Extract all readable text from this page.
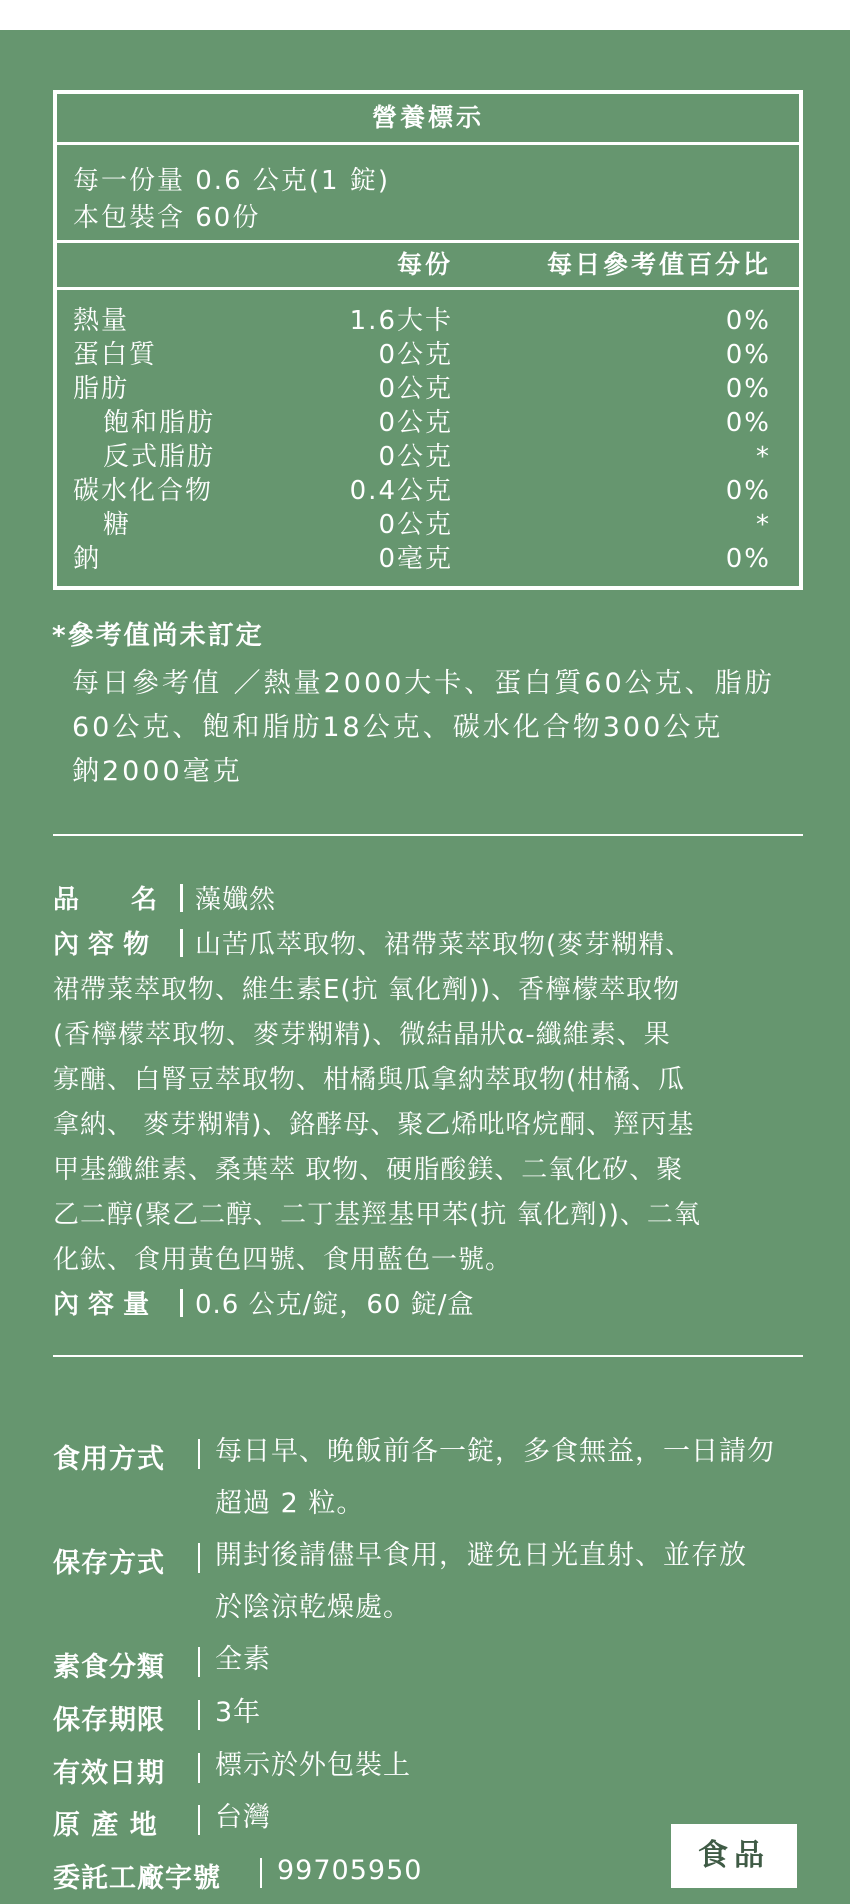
營養標示
每一份量 0.6 公克(1 錠)
本包裝含 60份
每份	每日參考值百分比
熱量	1.6大卡	0%
蛋白質	0公克	0%
脂肪	0公克	0%
飽和脂肪	0公克	0%
反式脂肪	0公克	*
碳水化合物	0.4公克	0%
糖	0公克	*
鈉	0毫克	0%
*參考值尚未訂定
每日參考值 ／熱量2000大卡、蛋白質60公克、脂肪
60公克、飽和脂肪18公克、碳水化合物300公克
鈉2000毫克
品　　名 藻孅然
內 容 物 山苦瓜萃取物、裙帶菜萃取物(麥芽糊精、
裙帶菜萃取物、維生素E(抗 氧化劑))、香檸檬萃取物
(香檸檬萃取物、麥芽糊精)、微結晶狀α-纖維素、果
寡醣、白腎豆萃取物、柑橘與瓜拿納萃取物(柑橘、瓜
拿納、 麥芽糊精)、鉻酵母、聚乙烯吡咯烷酮、羥丙基
甲基纖維素、桑葉萃 取物、硬脂酸鎂、二氧化矽、聚
乙二醇(聚乙二醇、二丁基羥基甲苯(抗 氧化劑))、二氧
化鈦、食用黃色四號、食用藍色一號。
內 容 量 0.6 公克/錠，60 錠/盒
食用方式	每日早、晚飯前各一錠，多食無益，一日請勿
超過 2 粒。
保存方式	開封後請儘早食用，避免日光直射、並存放
於陰涼乾燥處。
素食分類	全素
保存期限	3年
有效日期	標示於外包裝上
原 產 地	台灣
委託工廠字號	99705950	食品
